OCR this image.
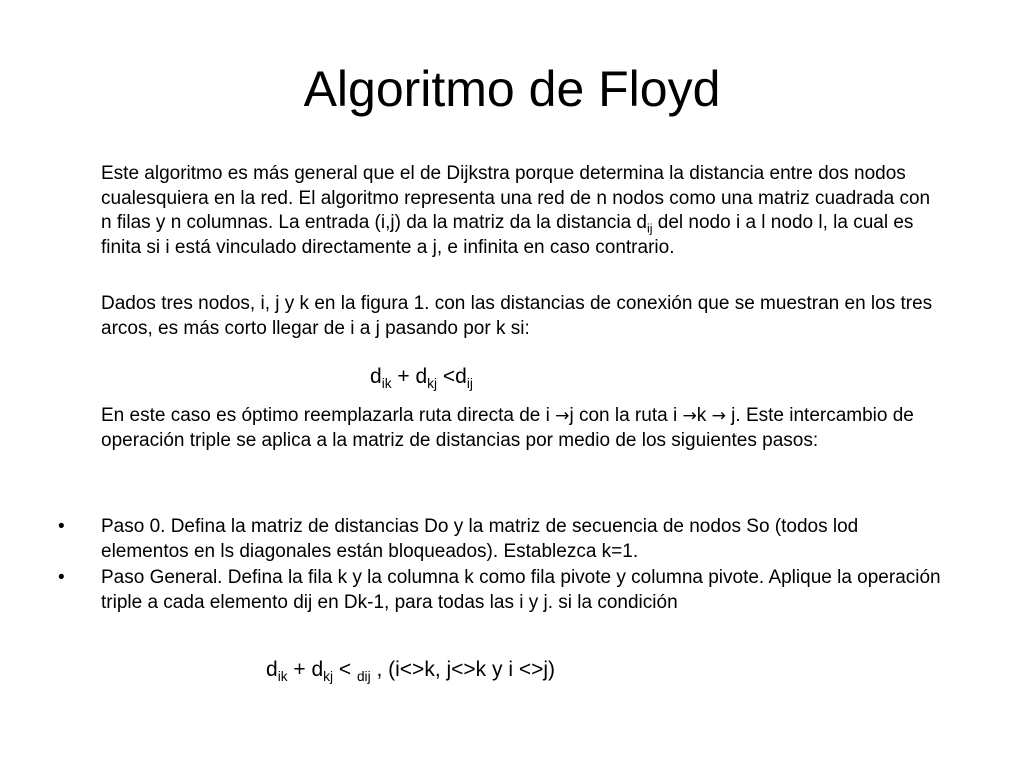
Algoritmo de Floyd
Este algoritmo es más general que el de Dijkstra porque determina la distancia entre dos nodos cualesquiera en la red. El algoritmo representa una red de n nodos como una matriz cuadrada con n filas y n columnas. La entrada (i,j) da la matriz da la distancia $d_{ij}$ del nodo i a l nodo l, la cual es finita si i está vinculado directamente a j, e infinita en caso contrario.
Dados tres nodos, i, j y k en la figura 1. con las distancias de conexión que se muestran en los tres arcos, es más corto llegar de i a j pasando por k si:
$d_{ik} + d_{kj} <d_{ij}$
En este caso es óptimo reemplazarla ruta directa de i →j con la ruta i →k → j. Este intercambio de operación triple se aplica a la matriz de distancias por medio de los siguientes pasos:
• Paso 0. Defina la matriz de distancias Do y la matriz de secuencia de nodos So (todos lod elementos en ls diagonales están bloqueados). Establezca k=1.
• Paso General. Defina la fila k y la columna k como fila pivote y columna pivote. Aplique la operación triple a cada elemento dij en Dk-1, para todas las i y j. si la condición
$d_{ik} + d_{kj} < _{dij}$ , (i<>k, j<>k y i <>j)
